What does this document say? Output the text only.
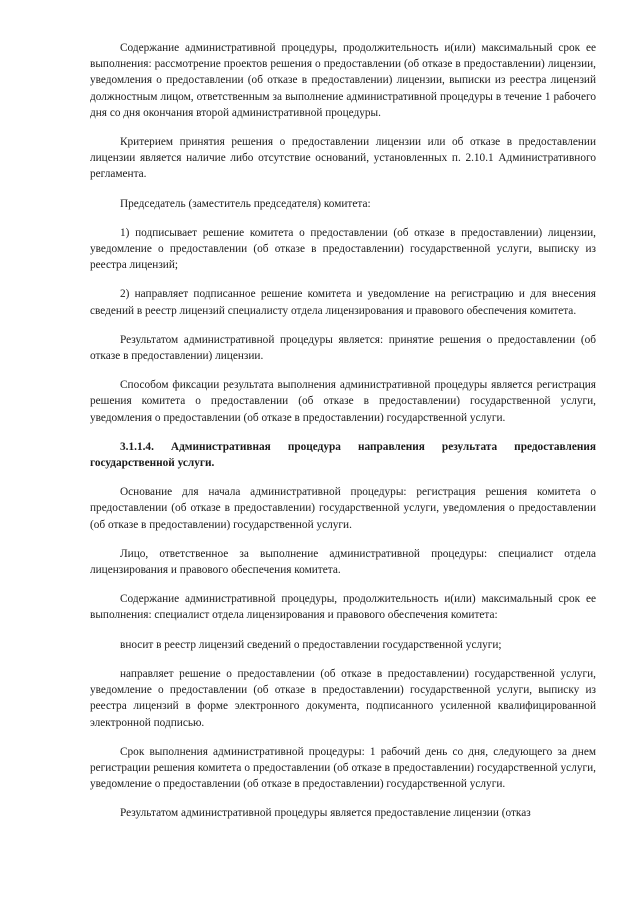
Содержание административной процедуры, продолжительность и(или) максимальный срок ее выполнения: рассмотрение проектов решения о предоставлении (об отказе в предоставлении) лицензии, уведомления о предоставлении (об отказе в предоставлении) лицензии, выписки из реестра лицензий должностным лицом, ответственным за выполнение административной процедуры в течение 1 рабочего дня со дня окончания второй административной процедуры.

Критерием принятия решения о предоставлении лицензии или об отказе в предоставлении лицензии является наличие либо отсутствие оснований, установленных п. 2.10.1 Административного регламента.

Председатель (заместитель председателя) комитета:

1) подписывает решение комитета о предоставлении (об отказе в предоставлении) лицензии, уведомление о предоставлении (об отказе в предоставлении) государственной услуги, выписку из реестра лицензий;

2) направляет подписанное решение комитета и уведомление на регистрацию и для внесения сведений в реестр лицензий специалисту отдела лицензирования и правового обеспечения комитета.

Результатом административной процедуры является: принятие решения о предоставлении (об отказе в предоставлении) лицензии.

Способом фиксации результата выполнения административной процедуры является регистрация решения комитета о предоставлении (об отказе в предоставлении) государственной услуги, уведомления о предоставлении (об отказе в предоставлении) государственной услуги.

3.1.1.4. Административная процедура направления результата предоставления государственной услуги.

Основание для начала административной процедуры: регистрация решения комитета о предоставлении (об отказе в предоставлении) государственной услуги, уведомления о предоставлении (об отказе в предоставлении) государственной услуги.

Лицо, ответственное за выполнение административной процедуры: специалист отдела лицензирования и правового обеспечения комитета.

Содержание административной процедуры, продолжительность и(или) максимальный срок ее выполнения: специалист отдела лицензирования и правового обеспечения комитета:

вносит в реестр лицензий сведений о предоставлении государственной услуги;

направляет решение о предоставлении (об отказе в предоставлении) государственной услуги, уведомление о предоставлении (об отказе в предоставлении) государственной услуги, выписку из реестра лицензий в форме электронного документа, подписанного усиленной квалифицированной электронной подписью.

Срок выполнения административной процедуры: 1 рабочий день со дня, следующего за днем регистрации решения комитета о предоставлении (об отказе в предоставлении) государственной услуги, уведомление о предоставлении (об отказе в предоставлении) государственной услуги.

Результатом административной процедуры является предоставление лицензии (отказ
